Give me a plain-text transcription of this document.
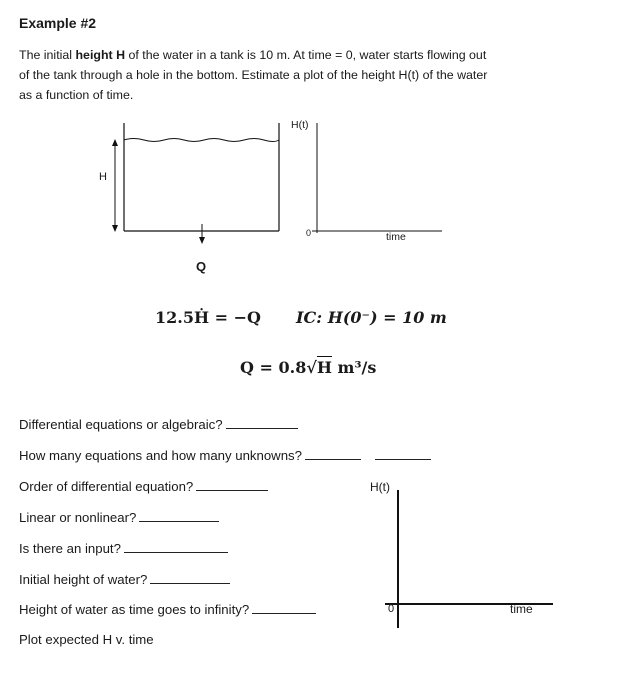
Example #2
The initial height H of the water in a tank is 10 m. At time = 0, water starts flowing out
of the tank through a hole in the bottom. Estimate a plot of the height H(t) of the water
as a function of time.
H
Q
H(t)
0	time
12.5Ḣ = −Q IC: H(0⁻) = 10 m
Q = 0.8√H m³/s
Differential equations or algebraic?
How many equations and how many unknowns?
Order of differential equation?
Linear or nonlinear?
Is there an input?
Initial height of water?
Height of water as time goes to infinity?
Plot expected H v. time
H(t)
0	time
